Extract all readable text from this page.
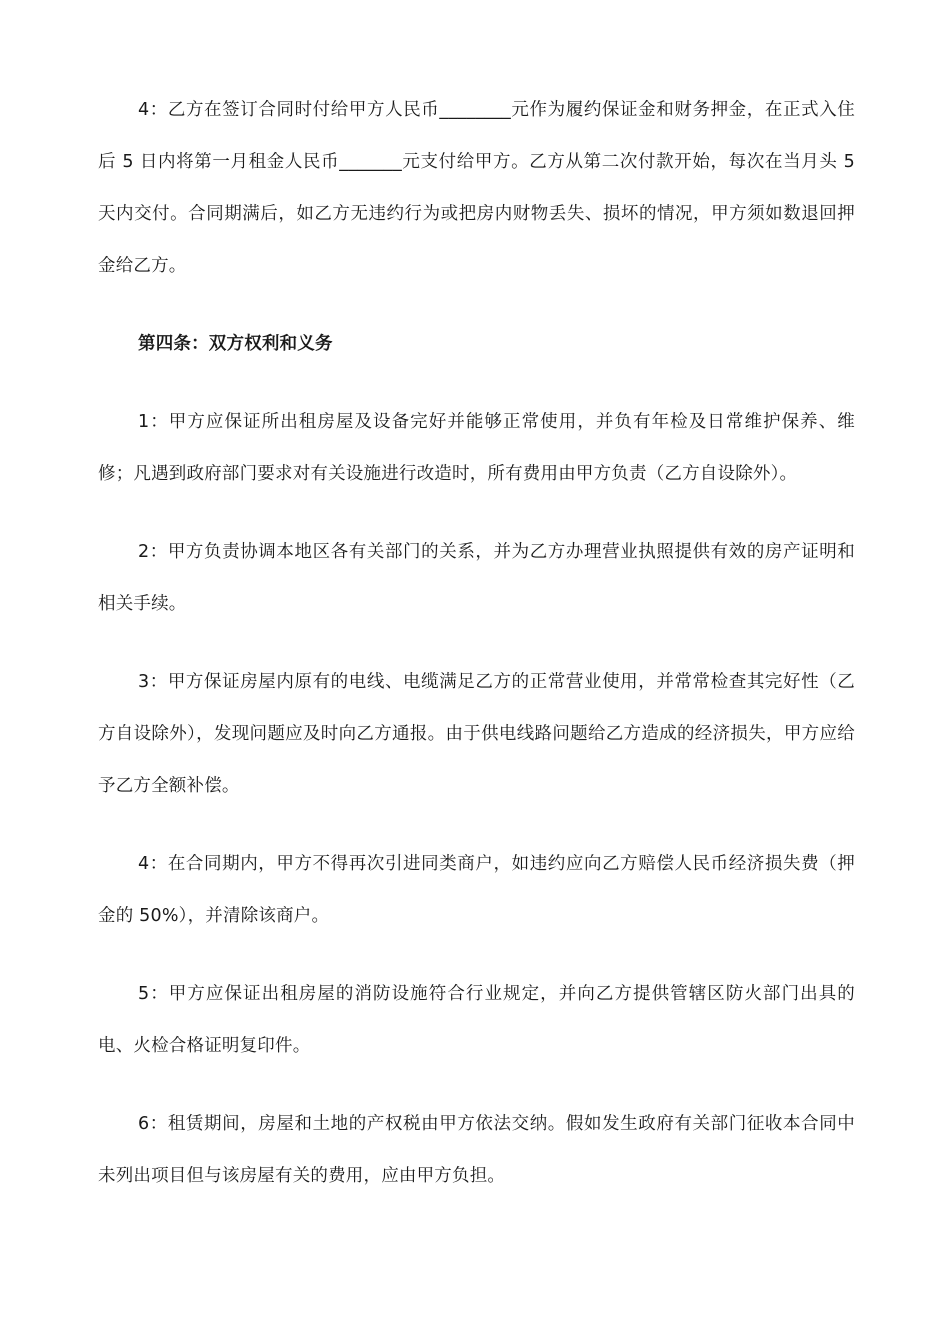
4：乙方在签订合同时付给甲方人民币________元作为履约保证金和财务押金，在正式入住后 5 日内将第一月租金人民币_______元支付给甲方。乙方从第二次付款开始，每次在当月头 5 天内交付。合同期满后，如乙方无违约行为或把房内财物丢失、损坏的情况，甲方须如数退回押金给乙方。

第四条：双方权利和义务

1：甲方应保证所出租房屋及设备完好并能够正常使用，并负有年检及日常维护保养、维修；凡遇到政府部门要求对有关设施进行改造时，所有费用由甲方负责（乙方自设除外）。

2：甲方负责协调本地区各有关部门的关系，并为乙方办理营业执照提供有效的房产证明和相关手续。

3：甲方保证房屋内原有的电线、电缆满足乙方的正常营业使用，并常常检查其完好性（乙方自设除外），发现问题应及时向乙方通报。由于供电线路问题给乙方造成的经济损失，甲方应给予乙方全额补偿。

4：在合同期内，甲方不得再次引进同类商户，如违约应向乙方赔偿人民币经济损失费（押金的 50%），并清除该商户。

5：甲方应保证出租房屋的消防设施符合行业规定，并向乙方提供管辖区防火部门出具的电、火检合格证明复印件。

6：租赁期间，房屋和土地的产权税由甲方依法交纳。假如发生政府有关部门征收本合同中未列出项目但与该房屋有关的费用，应由甲方负担。
